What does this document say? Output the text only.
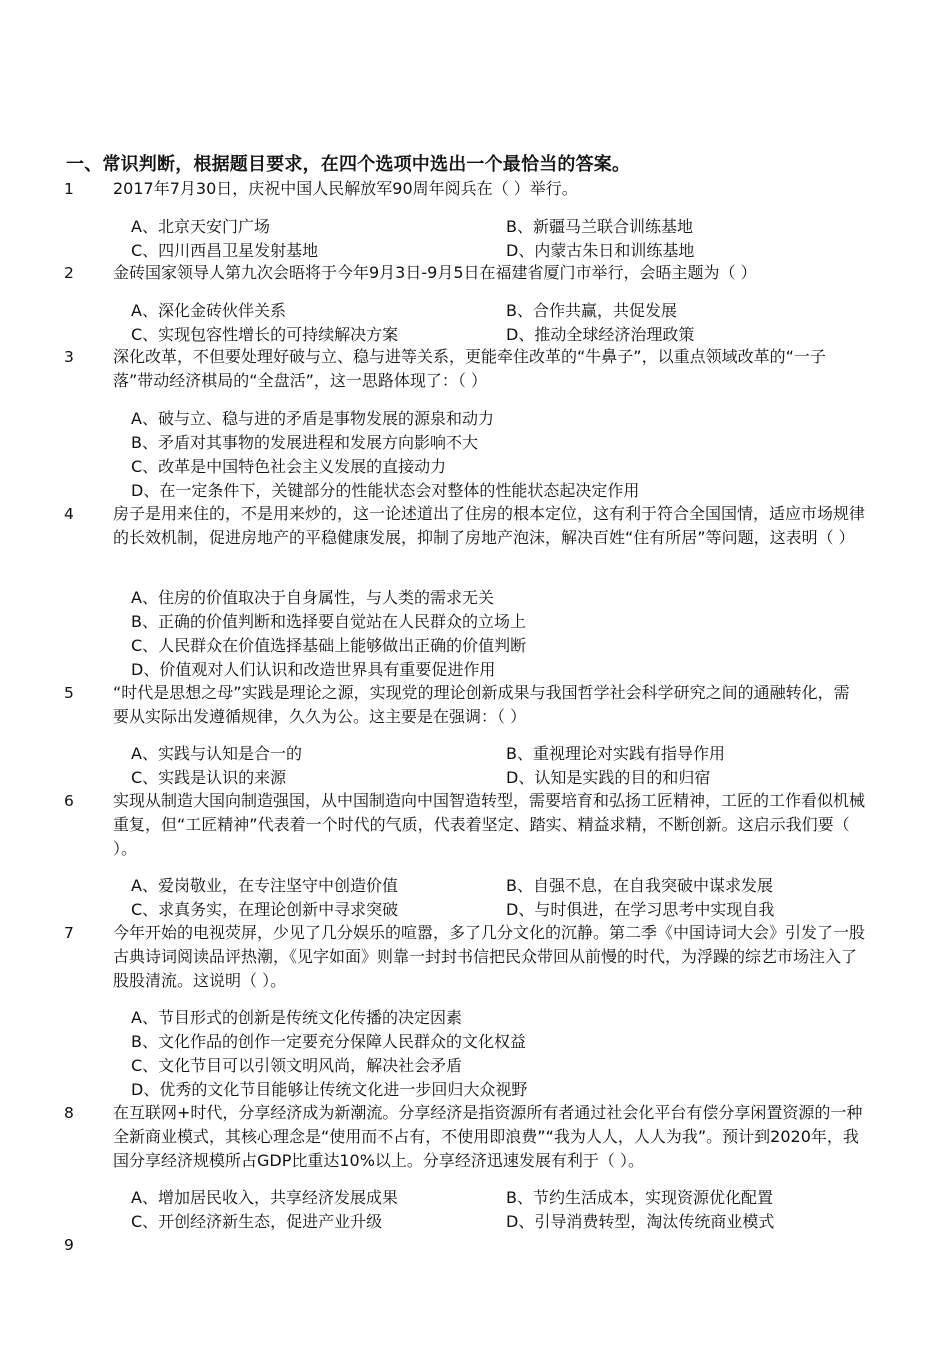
一、常识判断，根据题目要求，在四个选项中选出一个最恰当的答案。
1 2017年7月30日，庆祝中国人民解放军90周年阅兵在（ ）举行。
A、北京天安门广场	B、新疆马兰联合训练基地
C、四川西昌卫星发射基地	D、内蒙古朱日和训练基地
2 金砖国家领导人第九次会晤将于今年9月3日-9月5日在福建省厦门市举行，会晤主题为（ ）
A、深化金砖伙伴关系	B、合作共赢，共促发展
C、实现包容性增长的可持续解决方案	D、推动全球经济治理政策
3 深化改革，不但要处理好破与立、稳与进等关系，更能牵住改革的“牛鼻子”，以重点领域改革的“一子落”带动经济棋局的“全盘活”，这一思路体现了：（ ）
A、破与立、稳与进的矛盾是事物发展的源泉和动力
B、矛盾对其事物的发展进程和发展方向影响不大
C、改革是中国特色社会主义发展的直接动力
D、在一定条件下，关键部分的性能状态会对整体的性能状态起决定作用
4 房子是用来住的，不是用来炒的，这一论述道出了住房的根本定位，这有利于符合全国国情，适应市场规律的长效机制，促进房地产的平稳健康发展，抑制了房地产泡沫，解决百姓“住有所居”等问题，这表明（ ）
A、住房的价值取决于自身属性，与人类的需求无关
B、正确的价值判断和选择要自觉站在人民群众的立场上
C、人民群众在价值选择基础上能够做出正确的价值判断
D、价值观对人们认识和改造世界具有重要促进作用
5 “时代是思想之母”实践是理论之源，实现党的理论创新成果与我国哲学社会科学研究之间的通融转化，需要从实际出发遵循规律，久久为公。这主要是在强调：（ ）
A、实践与认知是合一的	B、重视理论对实践有指导作用
C、实践是认识的来源	D、认知是实践的目的和归宿
6 实现从制造大国向制造强国，从中国制造向中国智造转型，需要培育和弘扬工匠精神，工匠的工作看似机械重复，但“工匠精神”代表着一个时代的气质，代表着坚定、踏实、精益求精，不断创新。这启示我们要（ ）。
A、爱岗敬业，在专注坚守中创造价值	B、自强不息，在自我突破中谋求发展
C、求真务实，在理论创新中寻求突破	D、与时俱进，在学习思考中实现自我
7 今年开始的电视荧屏，少见了几分娱乐的喧嚣，多了几分文化的沉静。第二季《中国诗词大会》引发了一股古典诗词阅读品评热潮，《见字如面》则靠一封封书信把民众带回从前慢的时代，为浮躁的综艺市场注入了股股清流。这说明（ ）。
A、节目形式的创新是传统文化传播的决定因素
B、文化作品的创作一定要充分保障人民群众的文化权益
C、文化节目可以引领文明风尚，解决社会矛盾
D、优秀的文化节目能够让传统文化进一步回归大众视野
8 在互联网+时代，分享经济成为新潮流。分享经济是指资源所有者通过社会化平台有偿分享闲置资源的一种全新商业模式，其核心理念是“使用而不占有，不使用即浪费”“我为人人，人人为我”。预计到2020年，我国分享经济规模所占GDP比重达10%以上。分享经济迅速发展有利于（ ）。
A、增加居民收入，共享经济发展成果	B、节约生活成本，实现资源优化配置
C、开创经济新生态，促进产业升级	D、引导消费转型，淘汰传统商业模式
9
